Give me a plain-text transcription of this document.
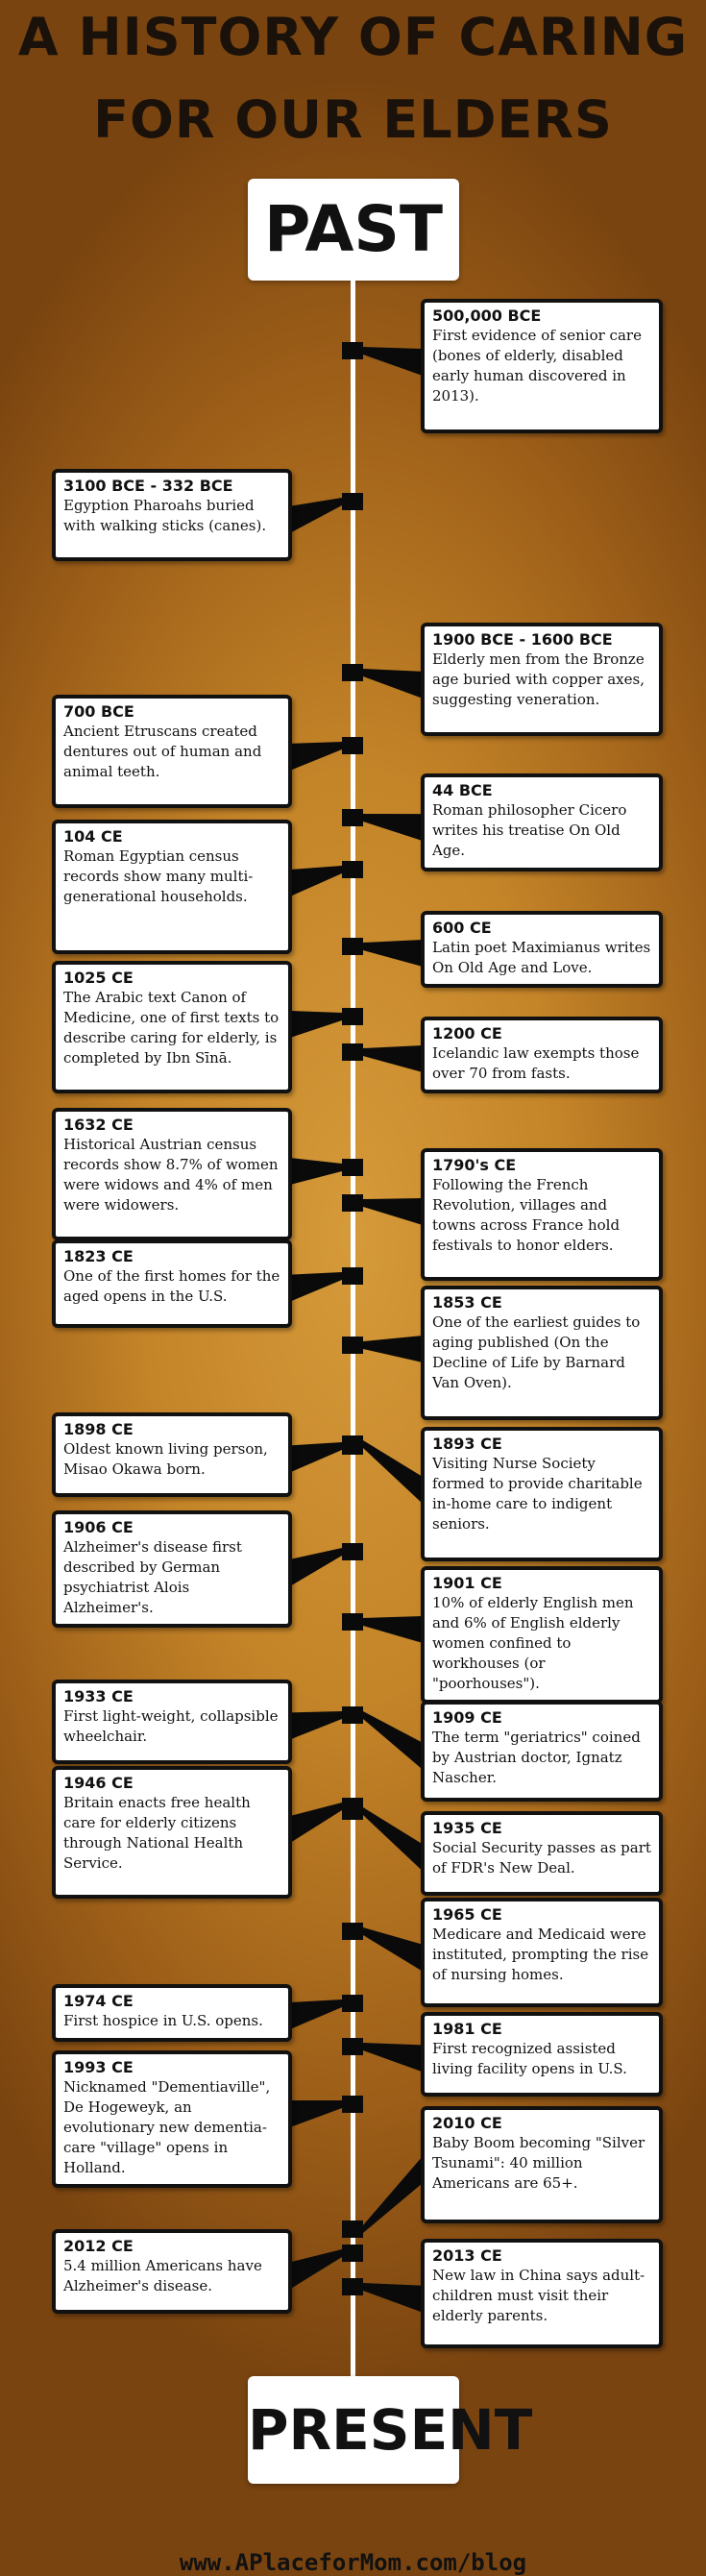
A HISTORY OF CARING
FOR OUR ELDERS
PAST
500,000 BCE
First evidence of senior care (bones of elderly, disabled early human discovered in 2013).
3100 BCE - 332 BCE
Egyption Pharoahs buried with walking sticks (canes).
1900 BCE - 1600 BCE
Elderly men from the Bronze age buried with copper axes, suggesting veneration.
700 BCE
Ancient Etruscans created dentures out of human and animal teeth.
44 BCE
Roman philosopher Cicero writes his treatise On Old Age.
104 CE
Roman Egyptian census records show many multi-generational households.
600 CE
Latin poet Maximianus writes On Old Age and Love.
1025 CE
The Arabic text Canon of Medicine, one of first texts to describe caring for elderly, is completed by Ibn Sīnā.
1200 CE
Icelandic law exempts those over 70 from fasts.
1632 CE
Historical Austrian census records show 8.7% of women were widows and 4% of men were widowers.
1790's CE
Following the French Revolution, villages and towns across France hold festivals to honor elders.
1823 CE
One of the first homes for the aged opens in the U.S.	1853 CE
One of the earliest guides to aging published (On the Decline of Life by Barnard Van Oven).
1898 CE
Oldest known living person, Misao Okawa born.
1893 CE
Visiting Nurse Society formed to provide charitable in-home care to indigent seniors.
1906 CE
Alzheimer's disease first described by German psychiatrist Alois Alzheimer's.
1901 CE
10% of elderly English men and 6% of English elderly women confined to workhouses (or "poorhouses").
1933 CE
First light-weight, collapsible wheelchair.
1909 CE
The term "geriatrics" coined by Austrian doctor, Ignatz Nascher.
1946 CE
Britain enacts free health care for elderly citizens through National Health Service.
1935 CE
Social Security passes as part of FDR's New Deal.
1965 CE
Medicare and Medicaid were instituted, prompting the rise of nursing homes.
1974 CE
First hospice in U.S. opens.	1981 CE
First recognized assisted living facility opens in U.S.
1993 CE
Nicknamed "Dementiaville", De Hogeweyk, an evolutionary new dementia-care "village" opens in Holland.
2010 CE
Baby Boom becoming "Silver Tsunami": 40 million Americans are 65+.
2012 CE
5.4 million Americans have Alzheimer's disease.
2013 CE
New law in China says adult-children must visit their elderly parents.
PRESENT
www.APlaceforMom.com/blog
